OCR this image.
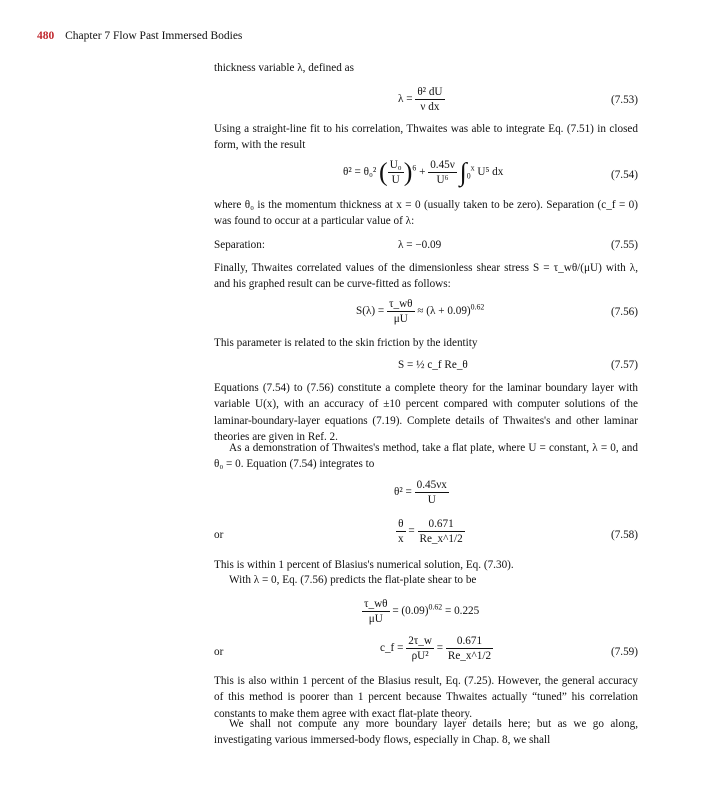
480 Chapter 7 Flow Past Immersed Bodies
thickness variable λ, defined as
$\lambda = \frac{\text{θ² dU}}{\text{ν dx}}$	(7.53)
Using a straight-line fit to his correlation, Thwaites was able to integrate Eq. (7.51) in closed form, with the result
θ² = θ₀² ( $\frac{\text{U₀}}{U} )^6 + \frac{0.45\nu}{\text{U⁶}} \int_0^x$ U⁵ dx	(7.54)
where θ₀ is the momentum thickness at x = 0 (usually taken to be zero). Separation (c_f = 0) was found to occur at a particular value of λ:
Separation:	λ = −0.09	(7.55)
Finally, Thwaites correlated values of the dimensionless shear stress S = τ_wθ/(μU) with λ, and his graphed result can be curve-fitted as follows:
$S(\lambda) = \frac{\tau\_w\theta}{\mu U} \approx (\lambda + 0.09)^{0.62}$	(7.56)
This parameter is related to the skin friction by the identity
S = ½ c_f Re_θ	(7.57)
Equations (7.54) to (7.56) constitute a complete theory for the laminar boundary layer with variable U(x), with an accuracy of ±10 percent compared with computer solutions of the laminar-boundary-layer equations (7.19). Complete details of Thwaites's and other laminar theories are given in Ref. 2.
As a demonstration of Thwaites's method, take a flat plate, where U = constant, λ = 0, and θ₀ = 0. Equation (7.54) integrates to
$\theta^2 = \frac{0.45\nu x}{U}$
or	$\frac{\theta}{x} = \frac{0.671}{Re\_x\^{}1/2}$	(7.58)
This is within 1 percent of Blasius's numerical solution, Eq. (7.30).
With λ = 0, Eq. (7.56) predicts the flat-plate shear to be
$\frac{\tau\_w\theta}{\mu U} = (0.09)^{0.62} = 0.225$
or	c_f = $\frac{2\tau\_w}{\text{ρU²}} = \frac{0.671}{Re\_x\^{}1/2}$	(7.59)
This is also within 1 percent of the Blasius result, Eq. (7.25). However, the general accuracy of this method is poorer than 1 percent because Thwaites actually “tuned” his correlation constants to make them agree with exact flat-plate theory.
We shall not compute any more boundary layer details here; but as we go along, investigating various immersed-body flows, especially in Chap. 8, we shall
